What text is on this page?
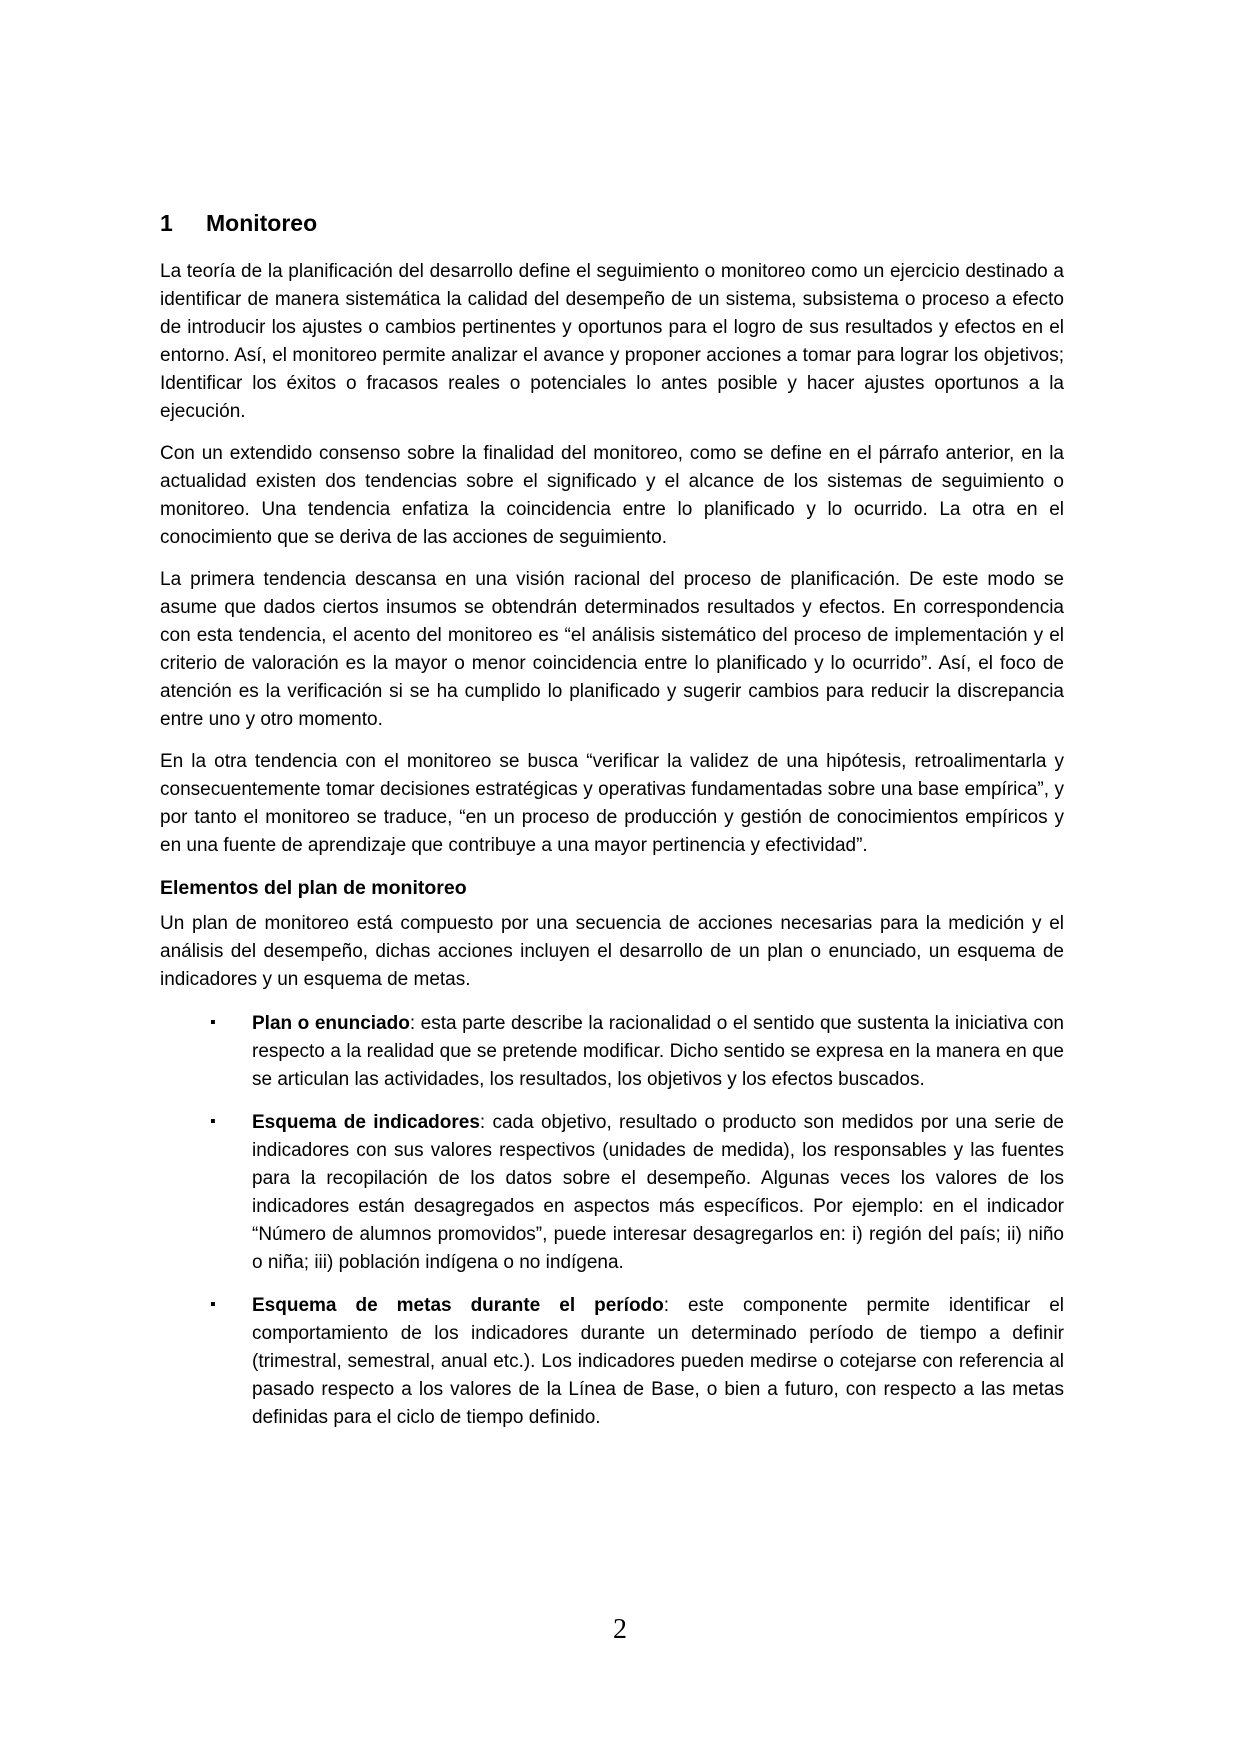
1 Monitoreo

La teoría de la planificación del desarrollo define el seguimiento o monitoreo como un ejercicio destinado a identificar de manera sistemática la calidad del desempeño de un sistema, subsistema o proceso a efecto de introducir los ajustes o cambios pertinentes y oportunos para el logro de sus resultados y efectos en el entorno. Así, el monitoreo permite analizar el avance y proponer acciones a tomar para lograr los objetivos; Identificar los éxitos o fracasos reales o potenciales lo antes posible y hacer ajustes oportunos a la ejecución.

Con un extendido consenso sobre la finalidad del monitoreo, como se define en el párrafo anterior, en la actualidad existen dos tendencias sobre el significado y el alcance de los sistemas de seguimiento o monitoreo. Una tendencia enfatiza la coincidencia entre lo planificado y lo ocurrido. La otra en el conocimiento que se deriva de las acciones de seguimiento.

La primera tendencia descansa en una visión racional del proceso de planificación. De este modo se asume que dados ciertos insumos se obtendrán determinados resultados y efectos. En correspondencia con esta tendencia, el acento del monitoreo es “el análisis sistemático del proceso de implementación y el criterio de valoración es la mayor o menor coincidencia entre lo planificado y lo ocurrido”. Así, el foco de atención es la verificación si se ha cumplido lo planificado y sugerir cambios para reducir la discrepancia entre uno y otro momento.

En la otra tendencia con el monitoreo se busca “verificar la validez de una hipótesis, retroalimentarla y consecuentemente tomar decisiones estratégicas y operativas fundamentadas sobre una base empírica”, y por tanto el monitoreo se traduce, “en un proceso de producción y gestión de conocimientos empíricos y en una fuente de aprendizaje que contribuye a una mayor pertinencia y efectividad”.

Elementos del plan de monitoreo

Un plan de monitoreo está compuesto por una secuencia de acciones necesarias para la medición y el análisis del desempeño, dichas acciones incluyen el desarrollo de un plan o enunciado, un esquema de indicadores y un esquema de metas.

▪ Plan o enunciado: esta parte describe la racionalidad o el sentido que sustenta la iniciativa con respecto a la realidad que se pretende modificar. Dicho sentido se expresa en la manera en que se articulan las actividades, los resultados, los objetivos y los efectos buscados.
▪ Esquema de indicadores: cada objetivo, resultado o producto son medidos por una serie de indicadores con sus valores respectivos (unidades de medida), los responsables y las fuentes para la recopilación de los datos sobre el desempeño. Algunas veces los valores de los indicadores están desagregados en aspectos más específicos. Por ejemplo: en el indicador “Número de alumnos promovidos”, puede interesar desagregarlos en: i) región del país; ii) niño o niña; iii) población indígena o no indígena.
▪ Esquema de metas durante el período: este componente permite identificar el comportamiento de los indicadores durante un determinado período de tiempo a definir (trimestral, semestral, anual etc.). Los indicadores pueden medirse o cotejarse con referencia al pasado respecto a los valores de la Línea de Base, o bien a futuro, con respecto a las metas definidas para el ciclo de tiempo definido.
2
